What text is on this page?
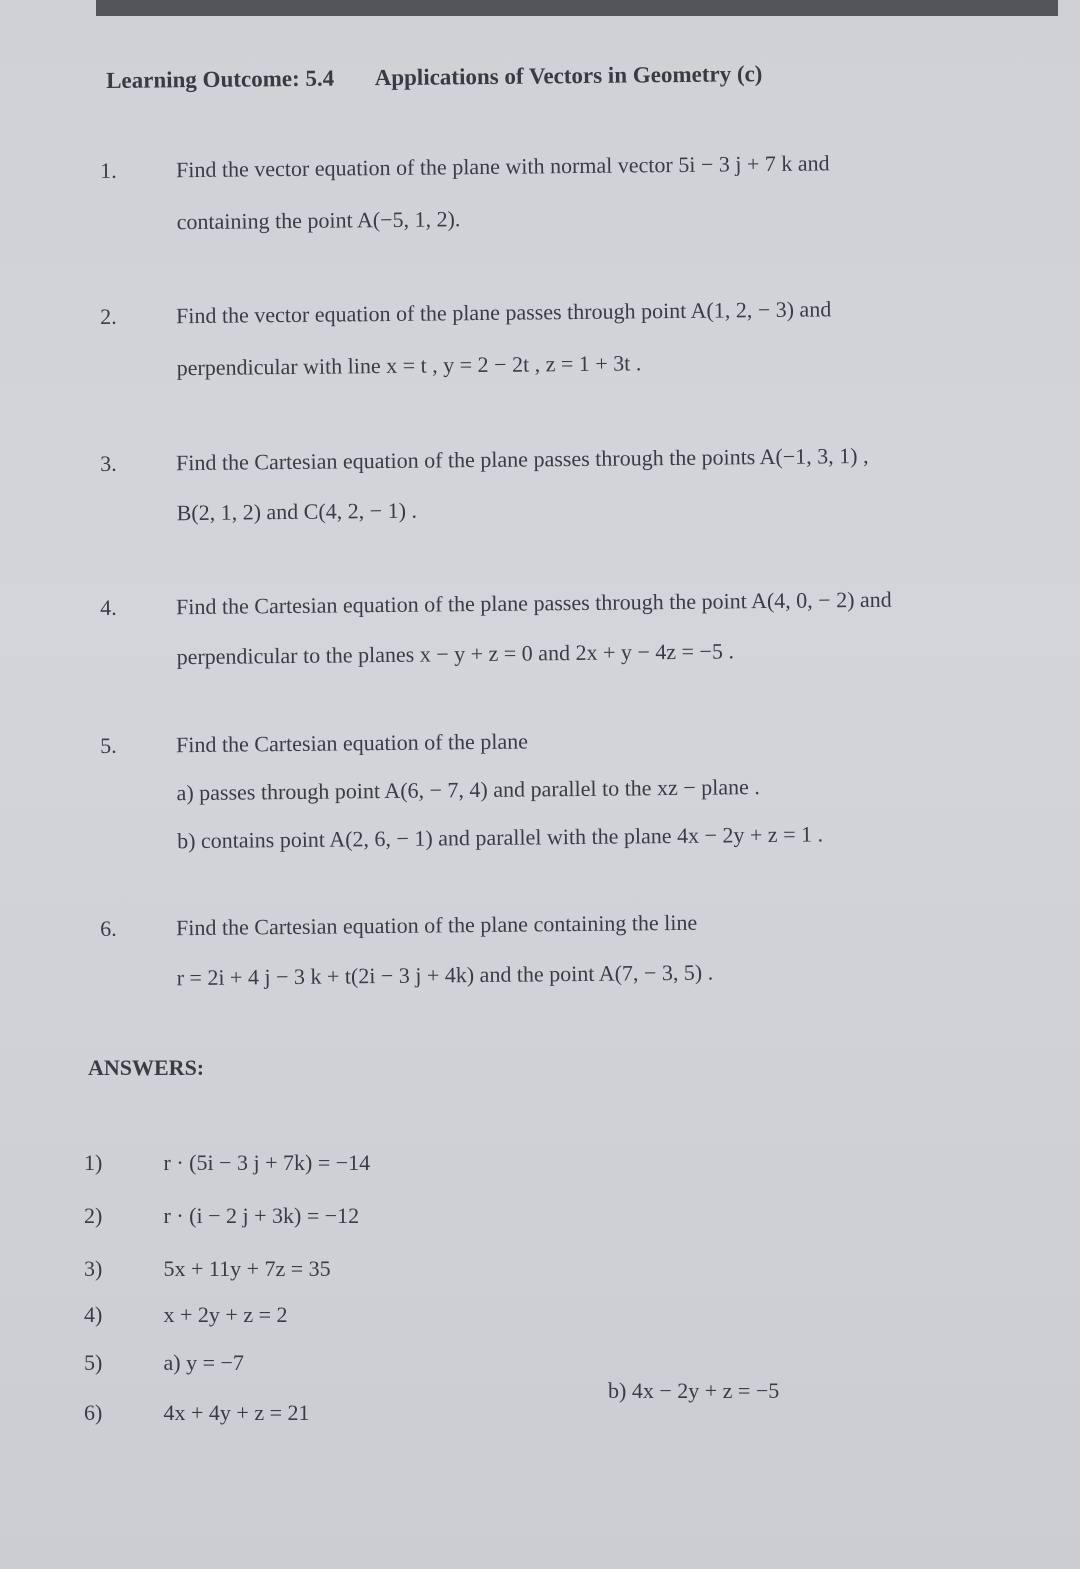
Learning Outcome: 5.4 Applications of Vectors in Geometry (c)
1.	Find the vector equation of the plane with normal vector 5i − 3 j + 7 k and
containing the point A(−5, 1, 2).
2.	Find the vector equation of the plane passes through point A(1, 2, − 3) and
perpendicular with line x = t , y = 2 − 2t , z = 1 + 3t .
3.	Find the Cartesian equation of the plane passes through the points A(−1, 3, 1) ,
B(2, 1, 2) and C(4, 2, − 1) .
4.	Find the Cartesian equation of the plane passes through the point A(4, 0, − 2) and
perpendicular to the planes x − y + z = 0 and 2x + y − 4z = −5 .
5.	Find the Cartesian equation of the plane
a) passes through point A(6, − 7, 4) and parallel to the xz − plane .
b) contains point A(2, 6, − 1) and parallel with the plane 4x − 2y + z = 1 .
6.	Find the Cartesian equation of the plane containing the line
r = 2i + 4 j − 3 k + t(2i − 3 j + 4k) and the point A(7, − 3, 5) .
ANSWERS:
1)	r · (5i − 3 j + 7k) = −14
2)	r · (i − 2 j + 3k) = −12
3)	5x + 11y + 7z = 35
4)	x + 2y + z = 2
5)	a) y = −7
b) 4x − 2y + z = −5
6)	4x + 4y + z = 21
